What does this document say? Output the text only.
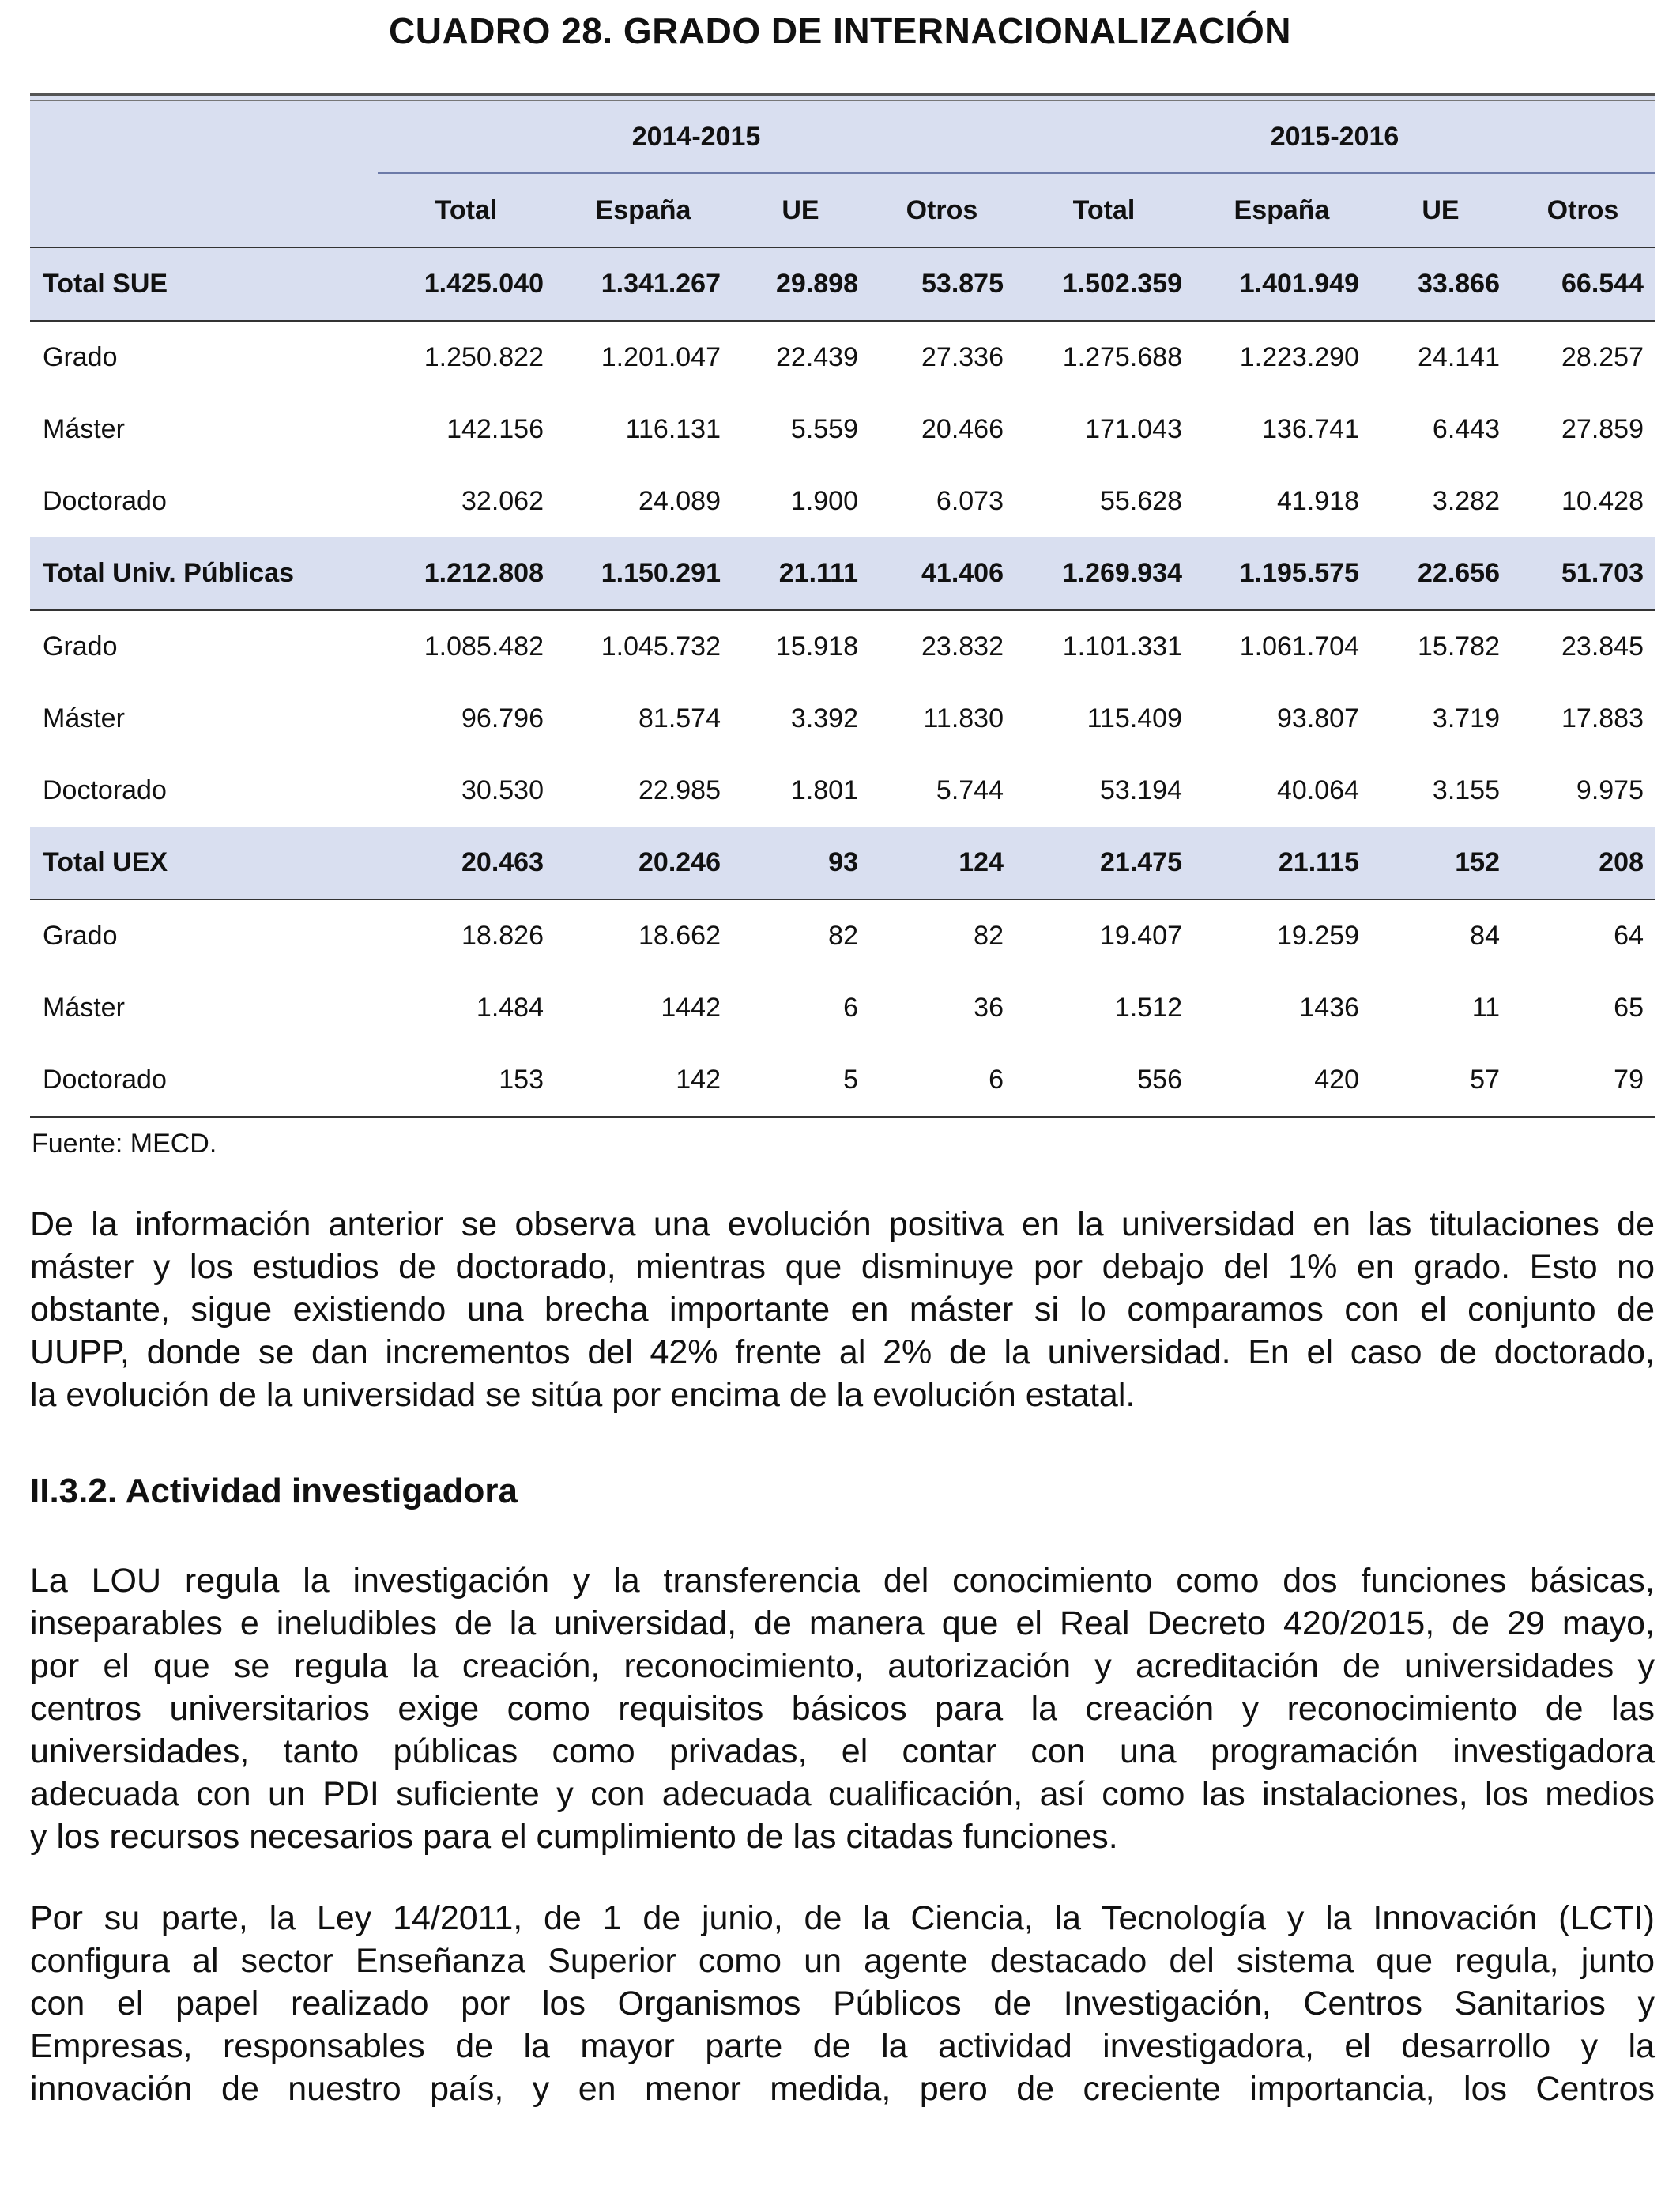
CUADRO 28. GRADO DE INTERNACIONALIZACIÓN

	2014-2015				2015-2016			
	Total	España	UE	Otros	Total	España	UE	Otros
Total SUE	1.425.040	1.341.267	29.898	53.875	1.502.359	1.401.949	33.866	66.544
Grado	1.250.822	1.201.047	22.439	27.336	1.275.688	1.223.290	24.141	28.257
Máster	142.156	116.131	5.559	20.466	171.043	136.741	6.443	27.859
Doctorado	32.062	24.089	1.900	6.073	55.628	41.918	3.282	10.428
Total Univ. Públicas	1.212.808	1.150.291	21.111	41.406	1.269.934	1.195.575	22.656	51.703
Grado	1.085.482	1.045.732	15.918	23.832	1.101.331	1.061.704	15.782	23.845
Máster	96.796	81.574	3.392	11.830	115.409	93.807	3.719	17.883
Doctorado	30.530	22.985	1.801	5.744	53.194	40.064	3.155	9.975
Total UEX	20.463	20.246	93	124	21.475	21.115	152	208
Grado	18.826	18.662	82	82	19.407	19.259	84	64
Máster	1.484	1442	6	36	1.512	1436	11	65
Doctorado	153	142	5	6	556	420	57	79

Fuente: MECD.
De la información anterior se observa una evolución positiva en la universidad en las titulaciones de
máster y los estudios de doctorado, mientras que disminuye por debajo del 1% en grado. Esto no
obstante, sigue existiendo una brecha importante en máster si lo comparamos con el conjunto de
UUPP, donde se dan incrementos del 42% frente al 2% de la universidad. En el caso de doctorado,
la evolución de la universidad se sitúa por encima de la evolución estatal.
II.3.2. Actividad investigadora
La LOU regula la investigación y la transferencia del conocimiento como dos funciones básicas,
inseparables e ineludibles de la universidad, de manera que el Real Decreto 420/2015, de 29 mayo,
por el que se regula la creación, reconocimiento, autorización y acreditación de universidades y
centros universitarios exige como requisitos básicos para la creación y reconocimiento de las
universidades, tanto públicas como privadas, el contar con una programación investigadora
adecuada con un PDI suficiente y con adecuada cualificación, así como las instalaciones, los medios
y los recursos necesarios para el cumplimiento de las citadas funciones.
Por su parte, la Ley 14/2011, de 1 de junio, de la Ciencia, la Tecnología y la Innovación (LCTI)
configura al sector Enseñanza Superior como un agente destacado del sistema que regula, junto
con el papel realizado por los Organismos Públicos de Investigación, Centros Sanitarios y
Empresas, responsables de la mayor parte de la actividad investigadora, el desarrollo y la
innovación de nuestro país, y en menor medida, pero de creciente importancia, los Centros
